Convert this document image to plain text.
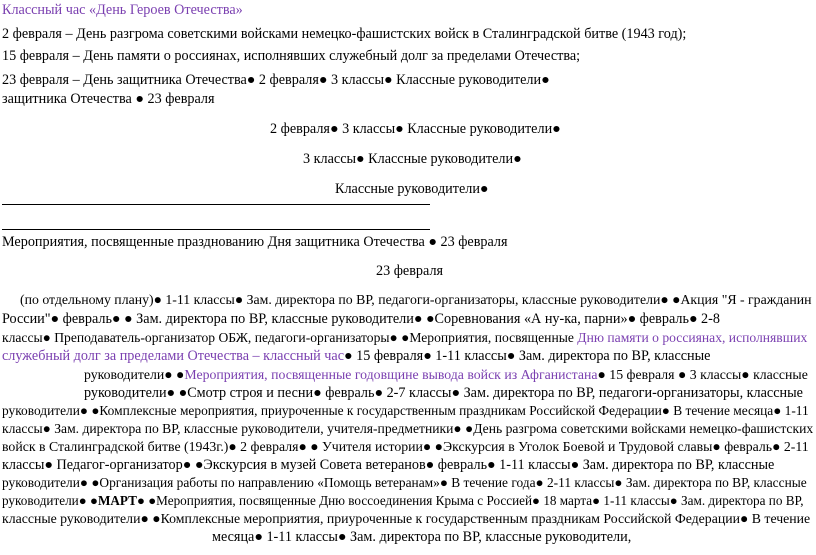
Классный час «День Героев Отечества»
2 февраля – День разгрома советскими войсками немецко-фашистских войск в Сталинградской битве (1943 год);
15 февраля – День памяти о россиянах, исполнявших служебный долг за пределами Отечества;
23 февраля – День защитника Отечества● 2 февраля● 3 классы● Классные руководители●
защитника Отечества ● 23 февраля
2 февраля● 3 классы● Классные руководители●
3 классы● Классные руководители●
Классные руководители●
Мероприятия, посвященные празднованию Дня защитника Отечества ● 23 февраля
23 февраля
(по отдельному плану)● 1-11 классы● Зам. директора по ВР, педагоги-организаторы, классные руководители● ●Акция "Я - гражданин
России"● февраль● ● Зам. директора по ВР, классные руководители● ●Соревнования «А ну-ка, парни»● февраль● 2-8
классы● Преподаватель-организатор ОБЖ, педагоги-организаторы● ●Мероприятия, посвященные Дню памяти о россиянах, исполнявших
служебный долг за пределами Отечества – классный час● 15 февраля● 1-11 классы● Зам. директора по ВР, классные
руководители● ●Мероприятия, посвященные годовщине вывода войск из Афганистана● 15 февраля ● 3 классы● классные
руководители● ●Смотр строя и песни● февраль● 2-7 классы● Зам. директора по ВР, педагоги-организаторы, классные
руководители● ●Комплексные мероприятия, приуроченные к государственным праздникам Российской Федерации● В течение месяца● 1-11
классы● Зам. директора по ВР, классные руководители, учителя-предметники● ●День разгрома советскими войсками немецко-фашистских
войск в Сталинградской битве (1943г.)● 2 февраля● ● Учителя истории● ●Экскурсия в Уголок Боевой и Трудовой славы● февраль● 2-11
классы● Педагог-организатор● ●Экскурсия в музей Совета ветеранов● февраль● 1-11 классы● Зам. директора по ВР, классные
руководители● ●Организация работы по направлению «Помощь ветеранам»● В течение года● 2-11 классы● Зам. директора по ВР, классные
руководители● ●МАРТ● ●Мероприятия, посвященные Дню воссоединения Крыма с Россией● 18 марта● 1-11 классы● Зам. директора по ВР,
классные руководители● ●Комплексные мероприятия, приуроченные к государственным праздникам Российской Федерации● В течение
месяца● 1-11 классы● Зам. директора по ВР, классные руководители,
